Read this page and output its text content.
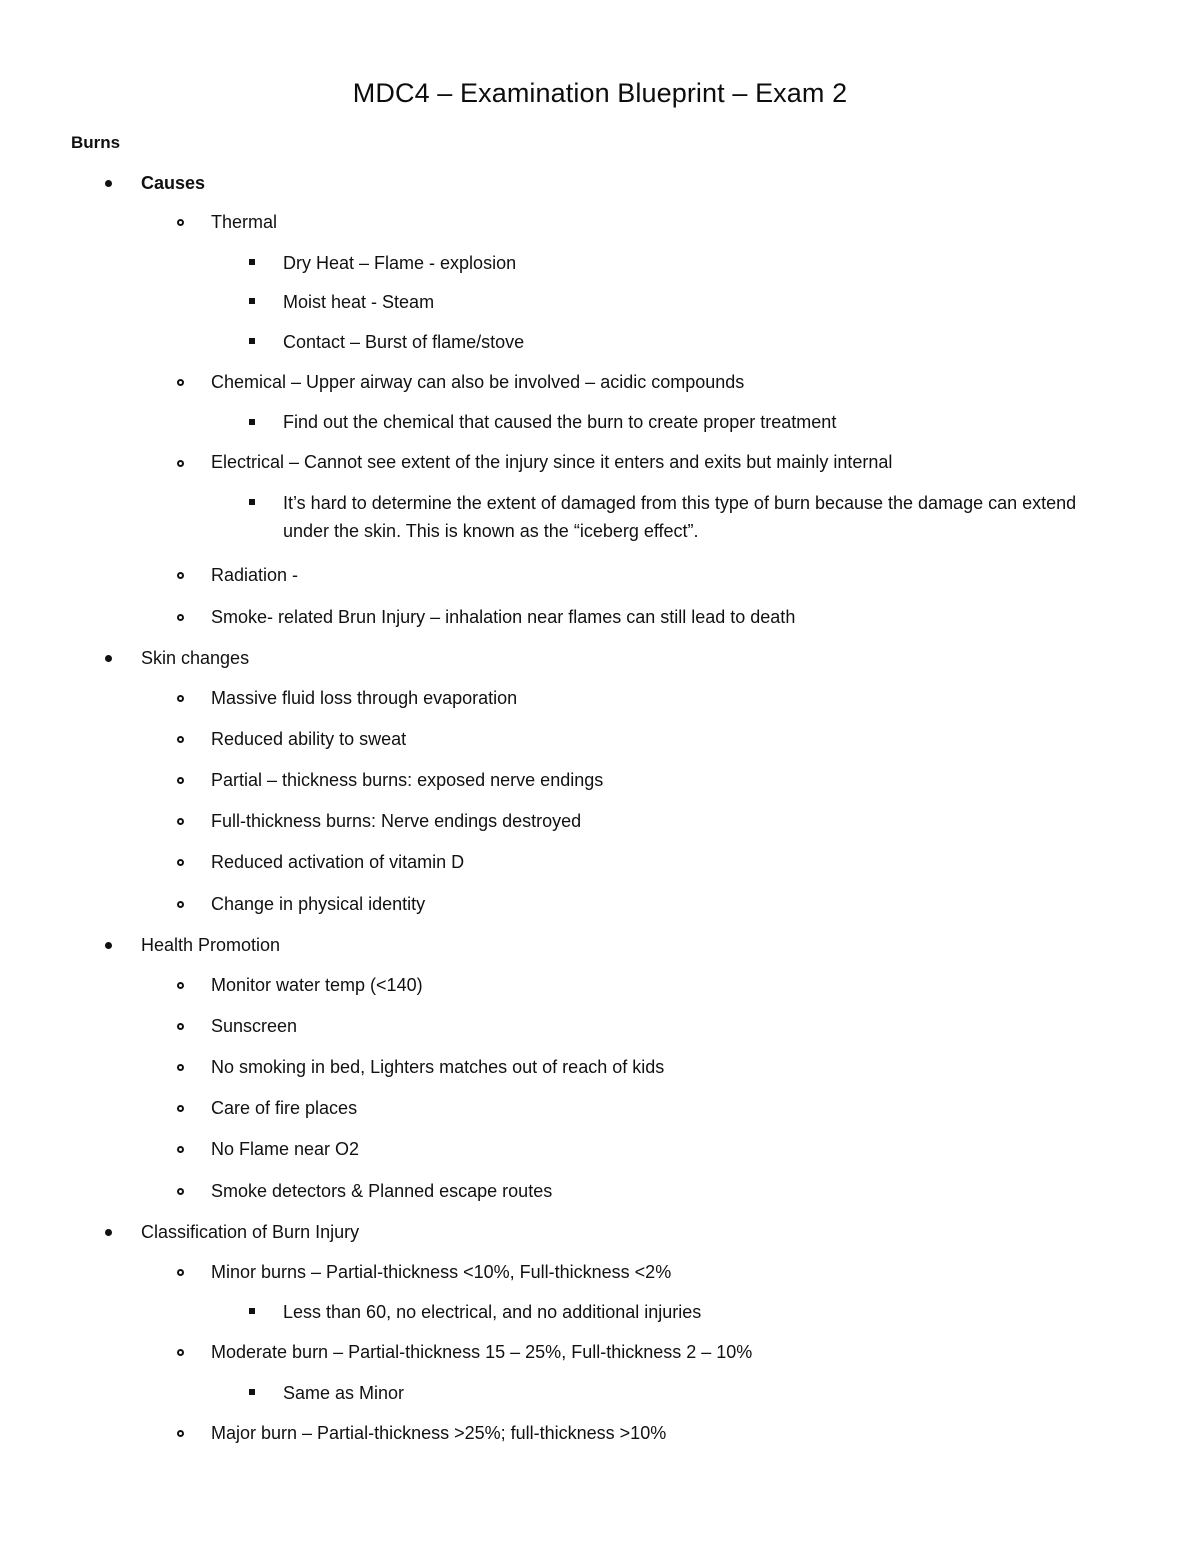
MDC4 – Examination Blueprint – Exam 2
Burns
Causes
Thermal
Dry Heat – Flame - explosion
Moist heat - Steam
Contact – Burst of flame/stove
Chemical – Upper airway can also be involved – acidic compounds
Find out the chemical that caused the burn to create proper treatment
Electrical – Cannot see extent of the injury since it enters and exits but mainly internal
It’s hard to determine the extent of damaged from this type of burn because the damage can extend under the skin. This is known as the “iceberg effect”.
Radiation -
Smoke- related Brun Injury – inhalation near flames can still lead to death
Skin changes
Massive fluid loss through evaporation
Reduced ability to sweat
Partial – thickness burns: exposed nerve endings
Full-thickness burns: Nerve endings destroyed
Reduced activation of vitamin D
Change in physical identity
Health Promotion
Monitor water temp (<140)
Sunscreen
No smoking in bed, Lighters matches out of reach of kids
Care of fire places
No Flame near O2
Smoke detectors & Planned escape routes
Classification of Burn Injury
Minor burns – Partial-thickness <10%, Full-thickness <2%
Less than 60, no electrical, and no additional injuries
Moderate burn – Partial-thickness 15 – 25%, Full-thickness 2 – 10%
Same as Minor
Major burn – Partial-thickness >25%; full-thickness >10%
